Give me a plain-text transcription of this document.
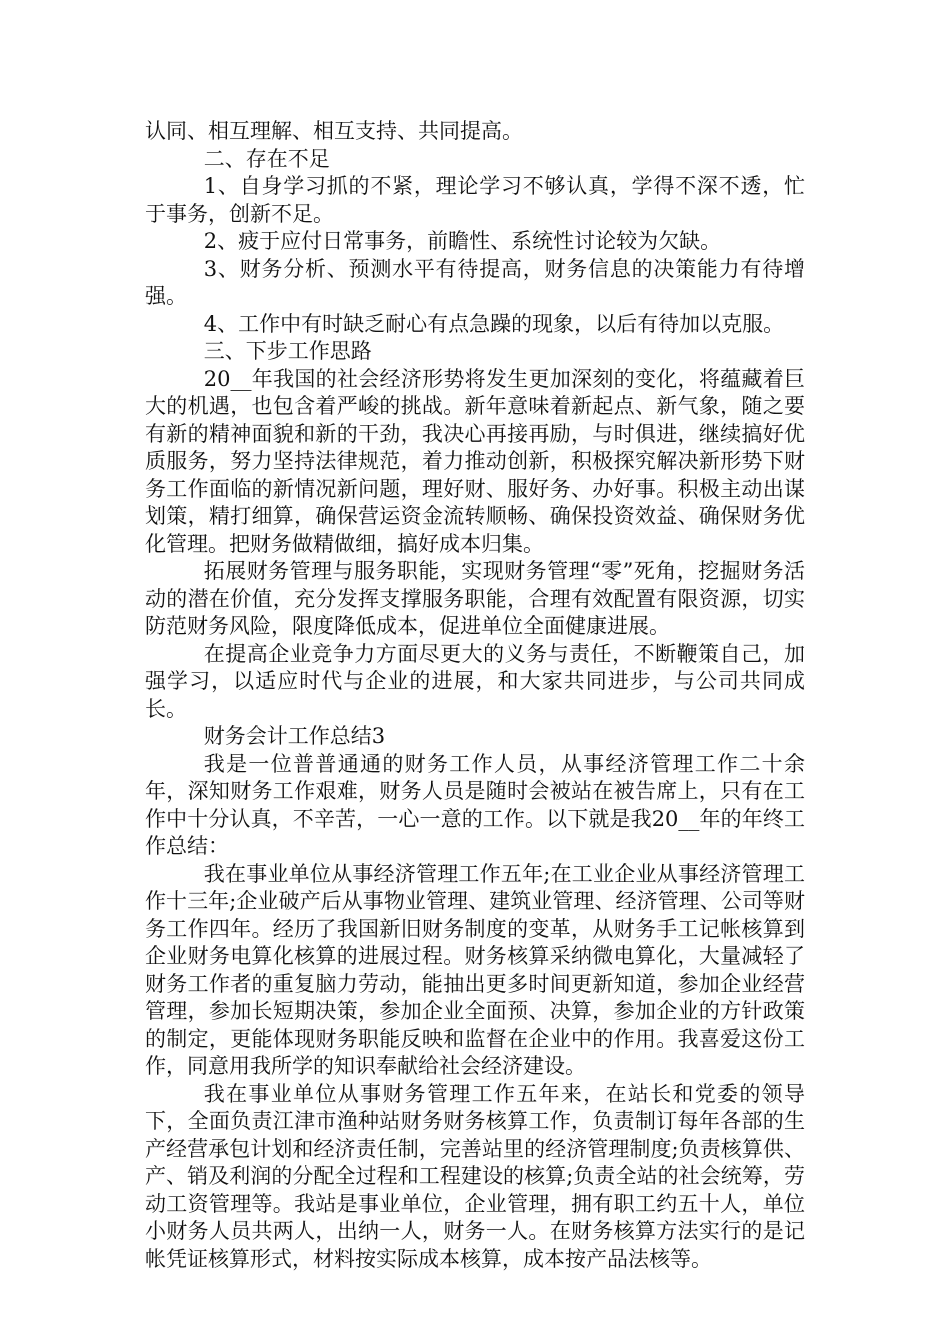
认同、相互理解、相互支持、共同提高。

二、存在不足

1、自身学习抓的不紧，理论学习不够认真，学得不深不透，忙于事务，创新不足。

2、疲于应付日常事务，前瞻性、系统性讨论较为欠缺。

3、财务分析、预测水平有待提高，财务信息的决策能力有待增强。

4、工作中有时缺乏耐心有点急躁的现象，以后有待加以克服。

三、下步工作思路

20__年我国的社会经济形势将发生更加深刻的变化，将蕴藏着巨大的机遇，也包含着严峻的挑战。新年意味着新起点、新气象，随之要有新的精神面貌和新的干劲，我决心再接再励，与时俱进，继续搞好优质服务，努力坚持法律规范，着力推动创新，积极探究解决新形势下财务工作面临的新情况新问题，理好财、服好务、办好事。积极主动出谋划策，精打细算，确保营运资金流转顺畅、确保投资效益、确保财务优化管理。把财务做精做细，搞好成本归集。

拓展财务管理与服务职能，实现财务管理“零”死角，挖掘财务活动的潜在价值，充分发挥支撑服务职能，合理有效配置有限资源，切实防范财务风险，限度降低成本，促进单位全面健康进展。

在提高企业竞争力方面尽更大的义务与责任，不断鞭策自己，加强学习，以适应时代与企业的进展，和大家共同进步，与公司共同成长。

财务会计工作总结3

我是一位普普通通的财务工作人员，从事经济管理工作二十余年，深知财务工作艰难，财务人员是随时会被站在被告席上，只有在工作中十分认真，不辛苦，一心一意的工作。以下就是我20__年的年终工作总结：

我在事业单位从事经济管理工作五年;在工业企业从事经济管理工作十三年;企业破产后从事物业管理、建筑业管理、经济管理、公司等财务工作四年。经历了我国新旧财务制度的变革，从财务手工记帐核算到企业财务电算化核算的进展过程。财务核算采纳微电算化，大量减轻了财务工作者的重复脑力劳动，能抽出更多时间更新知道，参加企业经营管理，参加长短期决策，参加企业全面预、决算，参加企业的方针政策的制定，更能体现财务职能反映和监督在企业中的作用。我喜爱这份工作，同意用我所学的知识奉献给社会经济建设。

我在事业单位从事财务管理工作五年来，在站长和党委的领导下，全面负责江津市渔种站财务财务核算工作，负责制订每年各部的生产经营承包计划和经济责任制，完善站里的经济管理制度;负责核算供、产、销及利润的分配全过程和工程建设的核算;负责全站的社会统筹，劳动工资管理等。我站是事业单位，企业管理，拥有职工约五十人，单位小财务人员共两人，出纳一人，财务一人。在财务核算方法实行的是记帐凭证核算形式，材料按实际成本核算，成本按产品法核等。
